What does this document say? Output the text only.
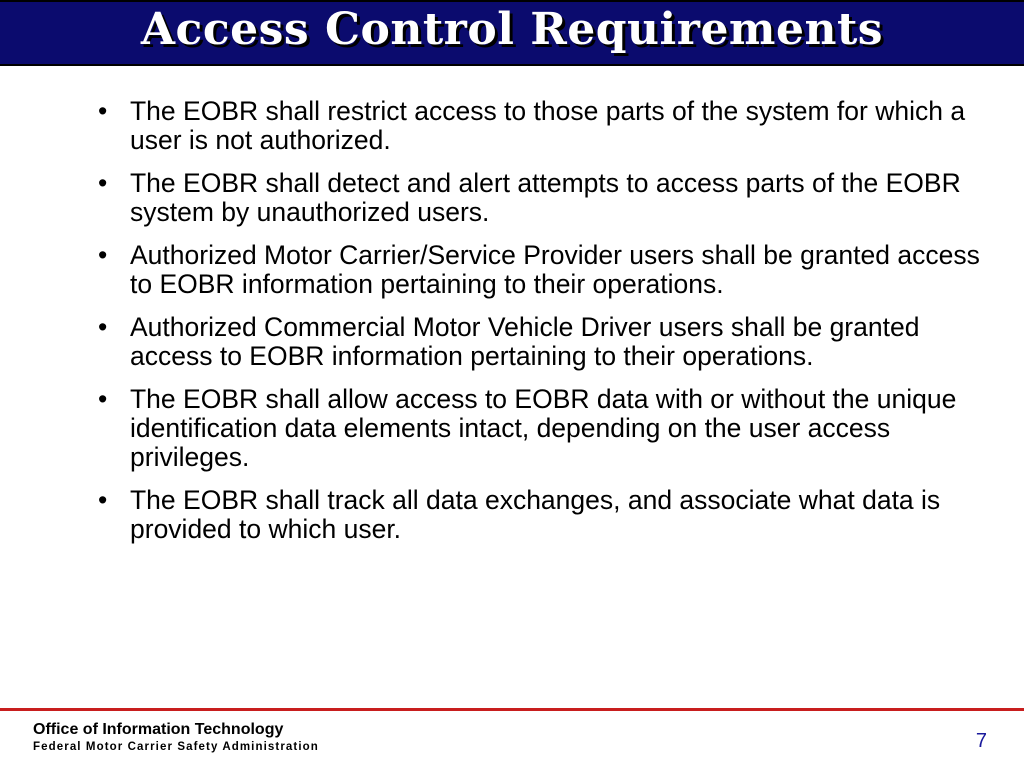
Access Control Requirements
• The EOBR shall restrict access to those parts of the system for which a user is not authorized.
• The EOBR shall detect and alert attempts to access parts of the EOBR system by unauthorized users.
• Authorized Motor Carrier/Service Provider users shall be granted access to EOBR information pertaining to their operations.
• Authorized Commercial Motor Vehicle Driver users shall be granted access to EOBR information pertaining to their operations.
• The EOBR shall allow access to EOBR data with or without the unique identification data elements intact, depending on the user access privileges.
• The EOBR shall track all data exchanges, and associate what data is provided to which user.
Office of Information Technology
Federal Motor Carrier Safety Administration	7
